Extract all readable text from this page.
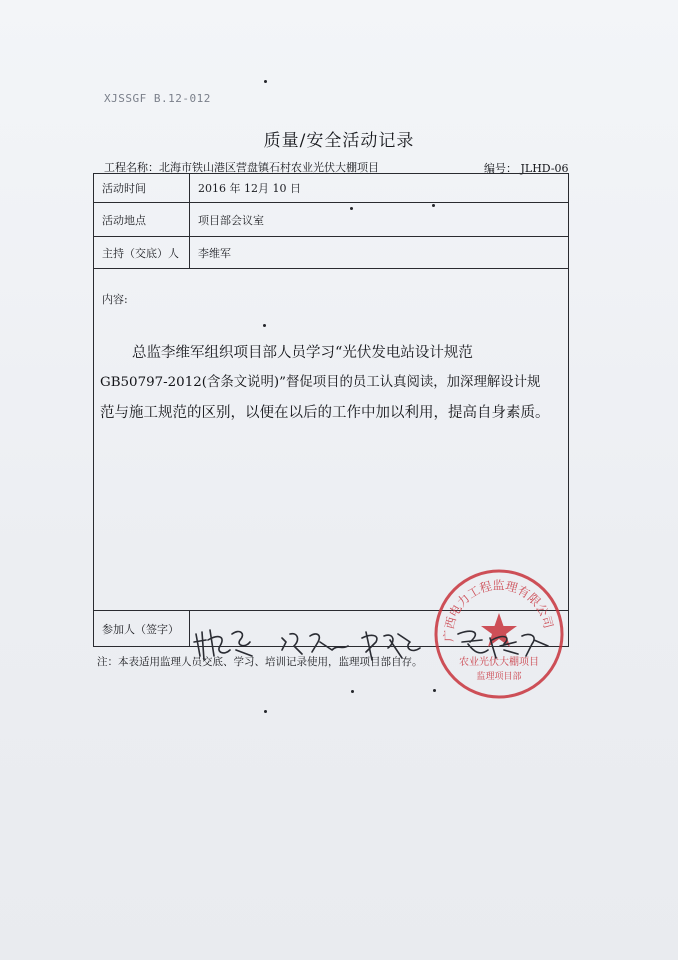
XJSSGF B.12-012
质量/安全活动记录
工程名称：北海市铁山港区营盘镇石村农业光伏大棚项目	编号： JLHD-06
活动时间	2016 年 12月 10 日
活动地点	项目部会议室
主持（交底）人	李维军
内容:
总监李维军组织项目部人员学习“光伏发电站设计规范
GB50797-2012(含条文说明)”督促项目的员工认真阅读，加深理解设计规
范与施工规范的区别，以便在以后的工作中加以利用，提高自身素质。
参加人（签字）
广西电力工程监理有限公司
农业光伏大棚项目
监理项目部
注：本表适用监理人员交底、学习、培训记录使用，监理项目部自存。
